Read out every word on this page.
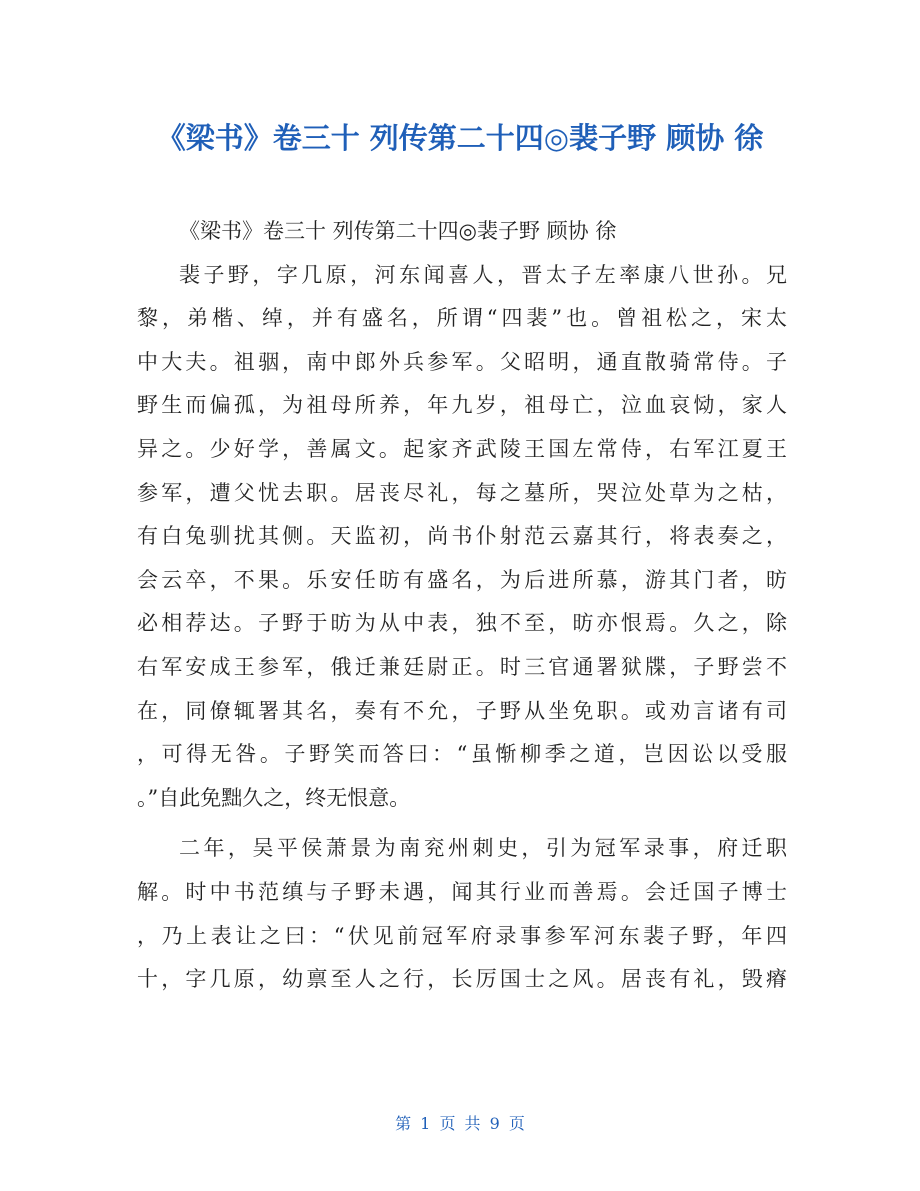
《梁书》卷三十 列传第二十四◎裴子野 顾协 徐
《梁书》卷三十 列传第二十四◎裴子野 顾协 徐
裴子野，字几原，河东闻喜人，晋太子左率康八世孙。兄
黎，弟楷、绰，并有盛名，所谓“四裴”也。曾祖松之，宋太
中大夫。祖骃，南中郎外兵参军。父昭明，通直散骑常侍。子
野生而偏孤，为祖母所养，年九岁，祖母亡，泣血哀恸，家人
异之。少好学，善属文。起家齐武陵王国左常侍，右军江夏王
参军，遭父忧去职。居丧尽礼，每之墓所，哭泣处草为之枯，
有白兔驯扰其侧。天监初，尚书仆射范云嘉其行，将表奏之，
会云卒，不果。乐安任昉有盛名，为后进所慕，游其门者，昉
必相荐达。子野于昉为从中表，独不至，昉亦恨焉。久之，除
右军安成王参军，俄迁兼廷尉正。时三官通署狱牒，子野尝不
在，同僚辄署其名，奏有不允，子野从坐免职。或劝言诸有司
，可得无咎。子野笑而答曰：“虽惭柳季之道，岂因讼以受服
。”自此免黜久之，终无恨意。
二年，吴平侯萧景为南兖州刺史，引为冠军录事，府迁职
解。时中书范缜与子野未遇，闻其行业而善焉。会迁国子博士
，乃上表让之曰：“伏见前冠军府录事参军河东裴子野，年四
十，字几原，幼禀至人之行，长厉国士之风。居丧有礼，毁瘠
第 1 页 共 9 页
